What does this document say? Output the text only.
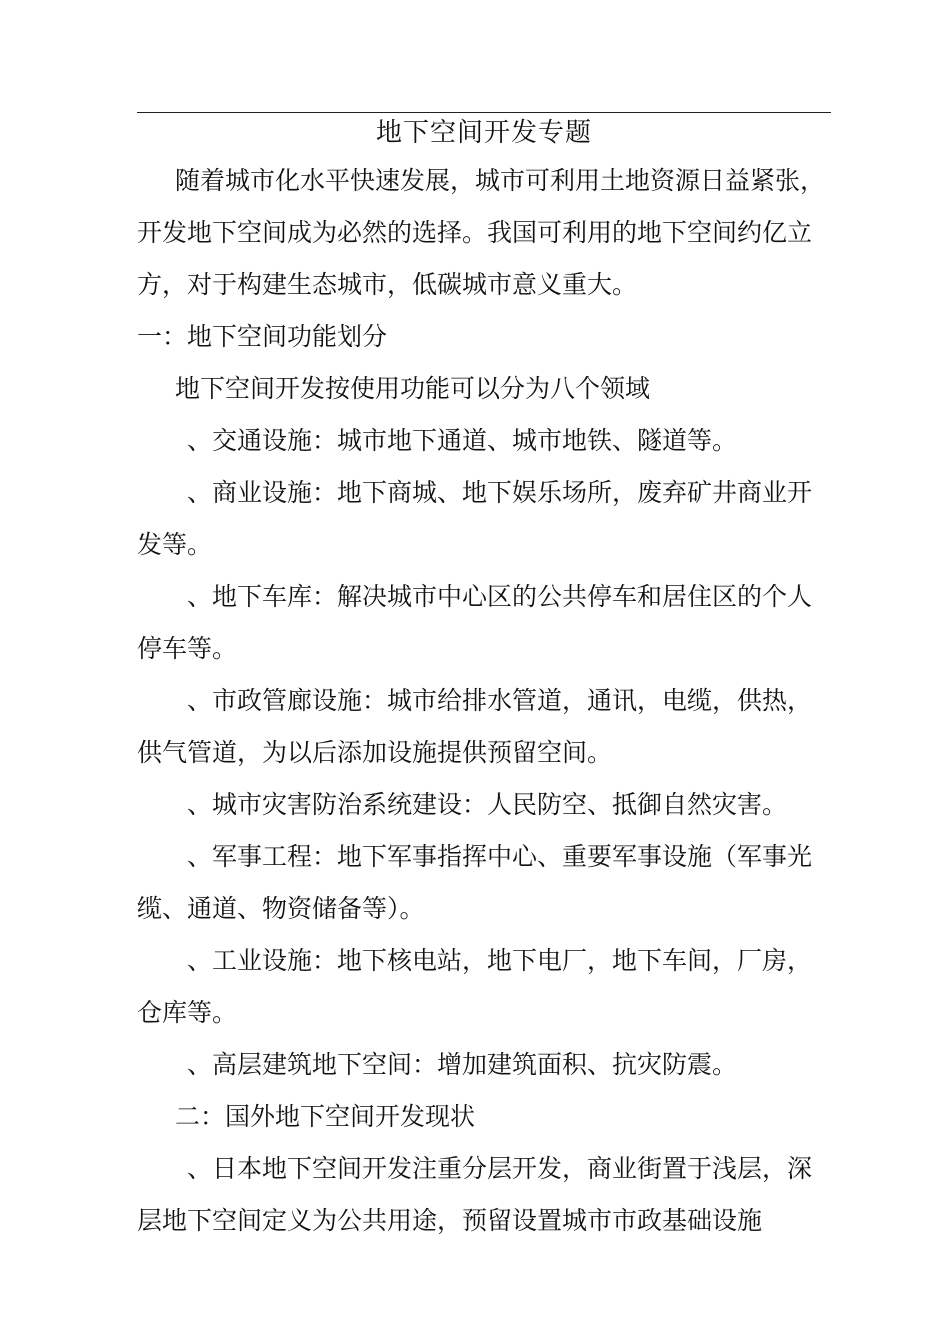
地下空间开发专题

随着城市化水平快速发展，城市可利用土地资源日益紧张，

开发地下空间成为必然的选择。我国可利用的地下空间约亿立

方，对于构建生态城市，低碳城市意义重大。

一：地下空间功能划分

地下空间开发按使用功能可以分为八个领域

、交通设施：城市地下通道、城市地铁、隧道等。

、商业设施：地下商城、地下娱乐场所，废弃矿井商业开

发等。

、地下车库：解决城市中心区的公共停车和居住区的个人

停车等。

、市政管廊设施：城市给排水管道，通讯，电缆，供热，

供气管道，为以后添加设施提供预留空间。

、城市灾害防治系统建设：人民防空、抵御自然灾害。

、军事工程：地下军事指挥中心、重要军事设施（军事光

缆、通道、物资储备等）。

、工业设施：地下核电站，地下电厂，地下车间，厂房，

仓库等。

、高层建筑地下空间：增加建筑面积、抗灾防震。

二：国外地下空间开发现状

、日本地下空间开发注重分层开发，商业街置于浅层，深

层地下空间定义为公共用途，预留设置城市市政基础设施
